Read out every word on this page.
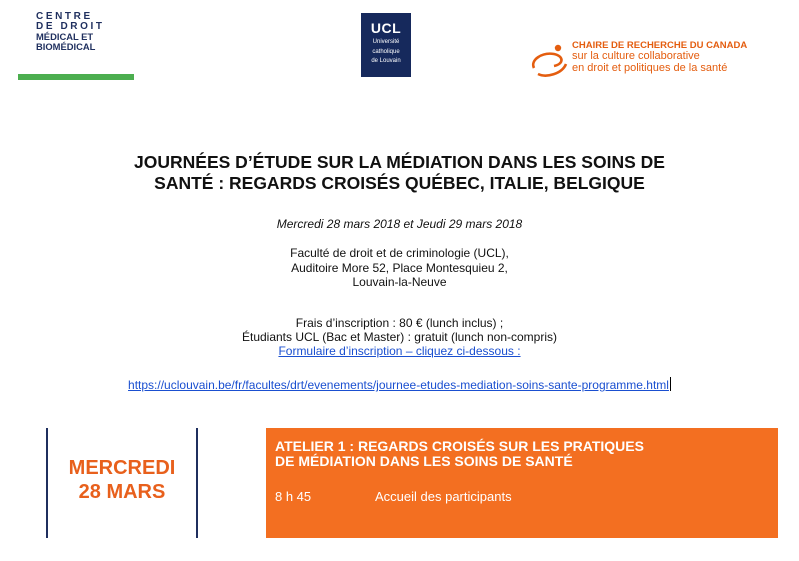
CENTRE
DE DROIT
MÉDICAL ET
BIOMÉDICAL
UCL
Université
catholique
de Louvain
CHAIRE DE RECHERCHE DU CANADA
sur la culture collaborative
en droit et politiques de la santé
JOURNÉES D’ÉTUDE SUR LA MÉDIATION DANS LES SOINS DE
SANTÉ : REGARDS CROISÉS QUÉBEC, ITALIE, BELGIQUE
Mercredi 28 mars 2018 et Jeudi 29 mars 2018
Faculté de droit et de criminologie (UCL),
Auditoire More 52, Place Montesquieu 2,
Louvain-la-Neuve
Frais d’inscription : 80 € (lunch inclus) ;
Étudiants UCL (Bac et Master) : gratuit (lunch non-compris)
Formulaire d’inscription – cliquez ci-dessous :
https://uclouvain.be/fr/facultes/drt/evenements/journee-etudes-mediation-soins-sante-programme.html
MERCREDI
28 MARS
ATELIER 1 : REGARDS CROISÉS SUR LES PRATIQUES
DE MÉDIATION DANS LES SOINS DE SANTÉ
8 h 45	Accueil des participants
